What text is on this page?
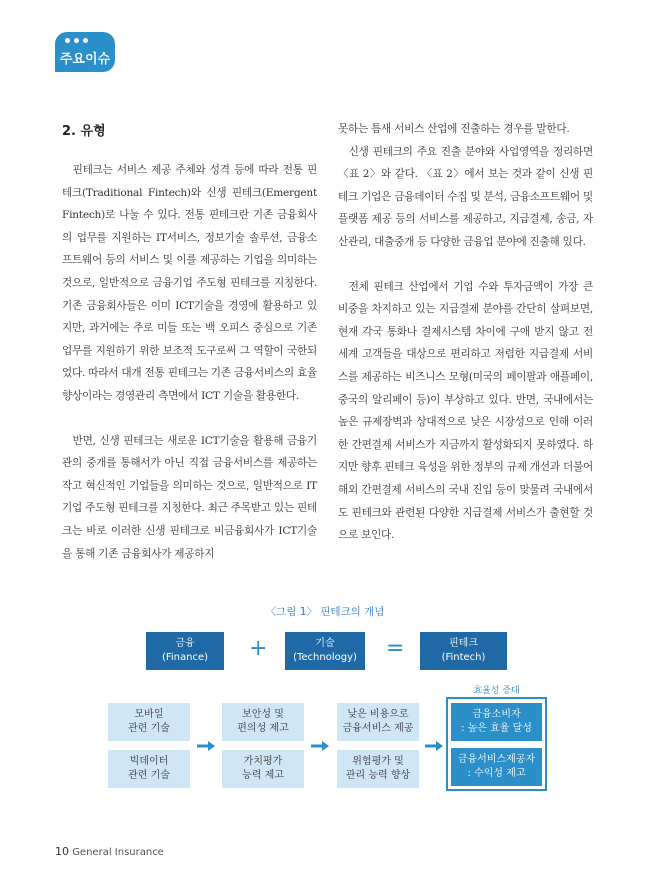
주요이슈
2. 유형

핀테크는 서비스 제공 주체와 성격 등에 따라 전통 핀테크(Traditional Fintech)와 신생 핀테크(Emergent Fintech)로 나눌 수 있다. 전통 핀테크란 기존 금융회사의 업무를 지원하는 IT서비스, 정보기술 솔루션, 금융소프트웨어 등의 서비스 및 이를 제공하는 기업을 의미하는 것으로, 일반적으로 금융기업 주도형 핀테크를 지칭한다. 기존 금융회사들은 이미 ICT기술을 경영에 활용하고 있지만, 과거에는 주로 미들 또는 백 오피스 중심으로 기존 업무를 지원하기 위한 보조적 도구로써 그 역할이 국한되었다. 따라서 대개 전통 핀테크는 기존 금융서비스의 효율 향상이라는 경영관리 측면에서 ICT 기술을 활용한다.

반면, 신생 핀테크는 새로운 ICT기술을 활용해 금융기관의 중개를 통해서가 아닌 직접 금융서비스를 제공하는 작고 혁신적인 기업들을 의미하는 것으로, 일반적으로 IT기업 주도형 핀테크를 지칭한다. 최근 주목받고 있는 핀테크는 바로 이러한 신생 핀테크로 비금융회사가 ICT기술을 통해 기존 금융회사가 제공하지

못하는 틈새 서비스 산업에 진출하는 경우를 말한다.

신생 핀테크의 주요 진출 분야와 사업영역을 정리하면 〈표 2〉와 같다. 〈표 2〉에서 보는 것과 같이 신생 핀테크 기업은 금융데이터 수집 및 분석, 금융소프트웨어 및 플랫폼 제공 등의 서비스를 제공하고, 지급결제, 송금, 자산관리, 대출중개 등 다양한 금융업 분야에 진출해 있다.

전체 핀테크 산업에서 기업 수와 투자금액이 가장 큰 비중을 차지하고 있는 지급결제 분야를 간단히 살펴보면, 현재 각국 통화나 결제시스템 차이에 구애 받지 않고 전 세계 고객들을 대상으로 편리하고 저렴한 지급결제 서비스를 제공하는 비즈니스 모형(미국의 페이팔과 애플페이, 중국의 알리페이 등)이 부상하고 있다. 반면, 국내에서는 높은 규제장벽과 상대적으로 낮은 시장성으로 인해 이러한 간편결제 서비스가 지금까지 활성화되지 못하였다. 하지만 향후 핀테크 육성을 위한 정부의 규제 개선과 더불어 해외 간편결제 서비스의 국내 진입 등이 맞물려 국내에서도 핀테크와 관련된 다양한 지급결제 서비스가 출현할 것으로 보인다.

〈그림 1〉 핀테크의 개념

금융
(Finance) +	기술
(Technology) =	핀테크
(Fintech)
모바일
관련 기술
빅데이터
관련 기술
보안성 및
편의성 제고
가치평가
능력 제고
낮은 비용으로
금융서비스 제공
위험평가 및
관리 능력 향상
효율성 증대
금융소비자
: 높은 효율 달성
금융서비스제공자
: 수익성 제고
10 General Insurance
